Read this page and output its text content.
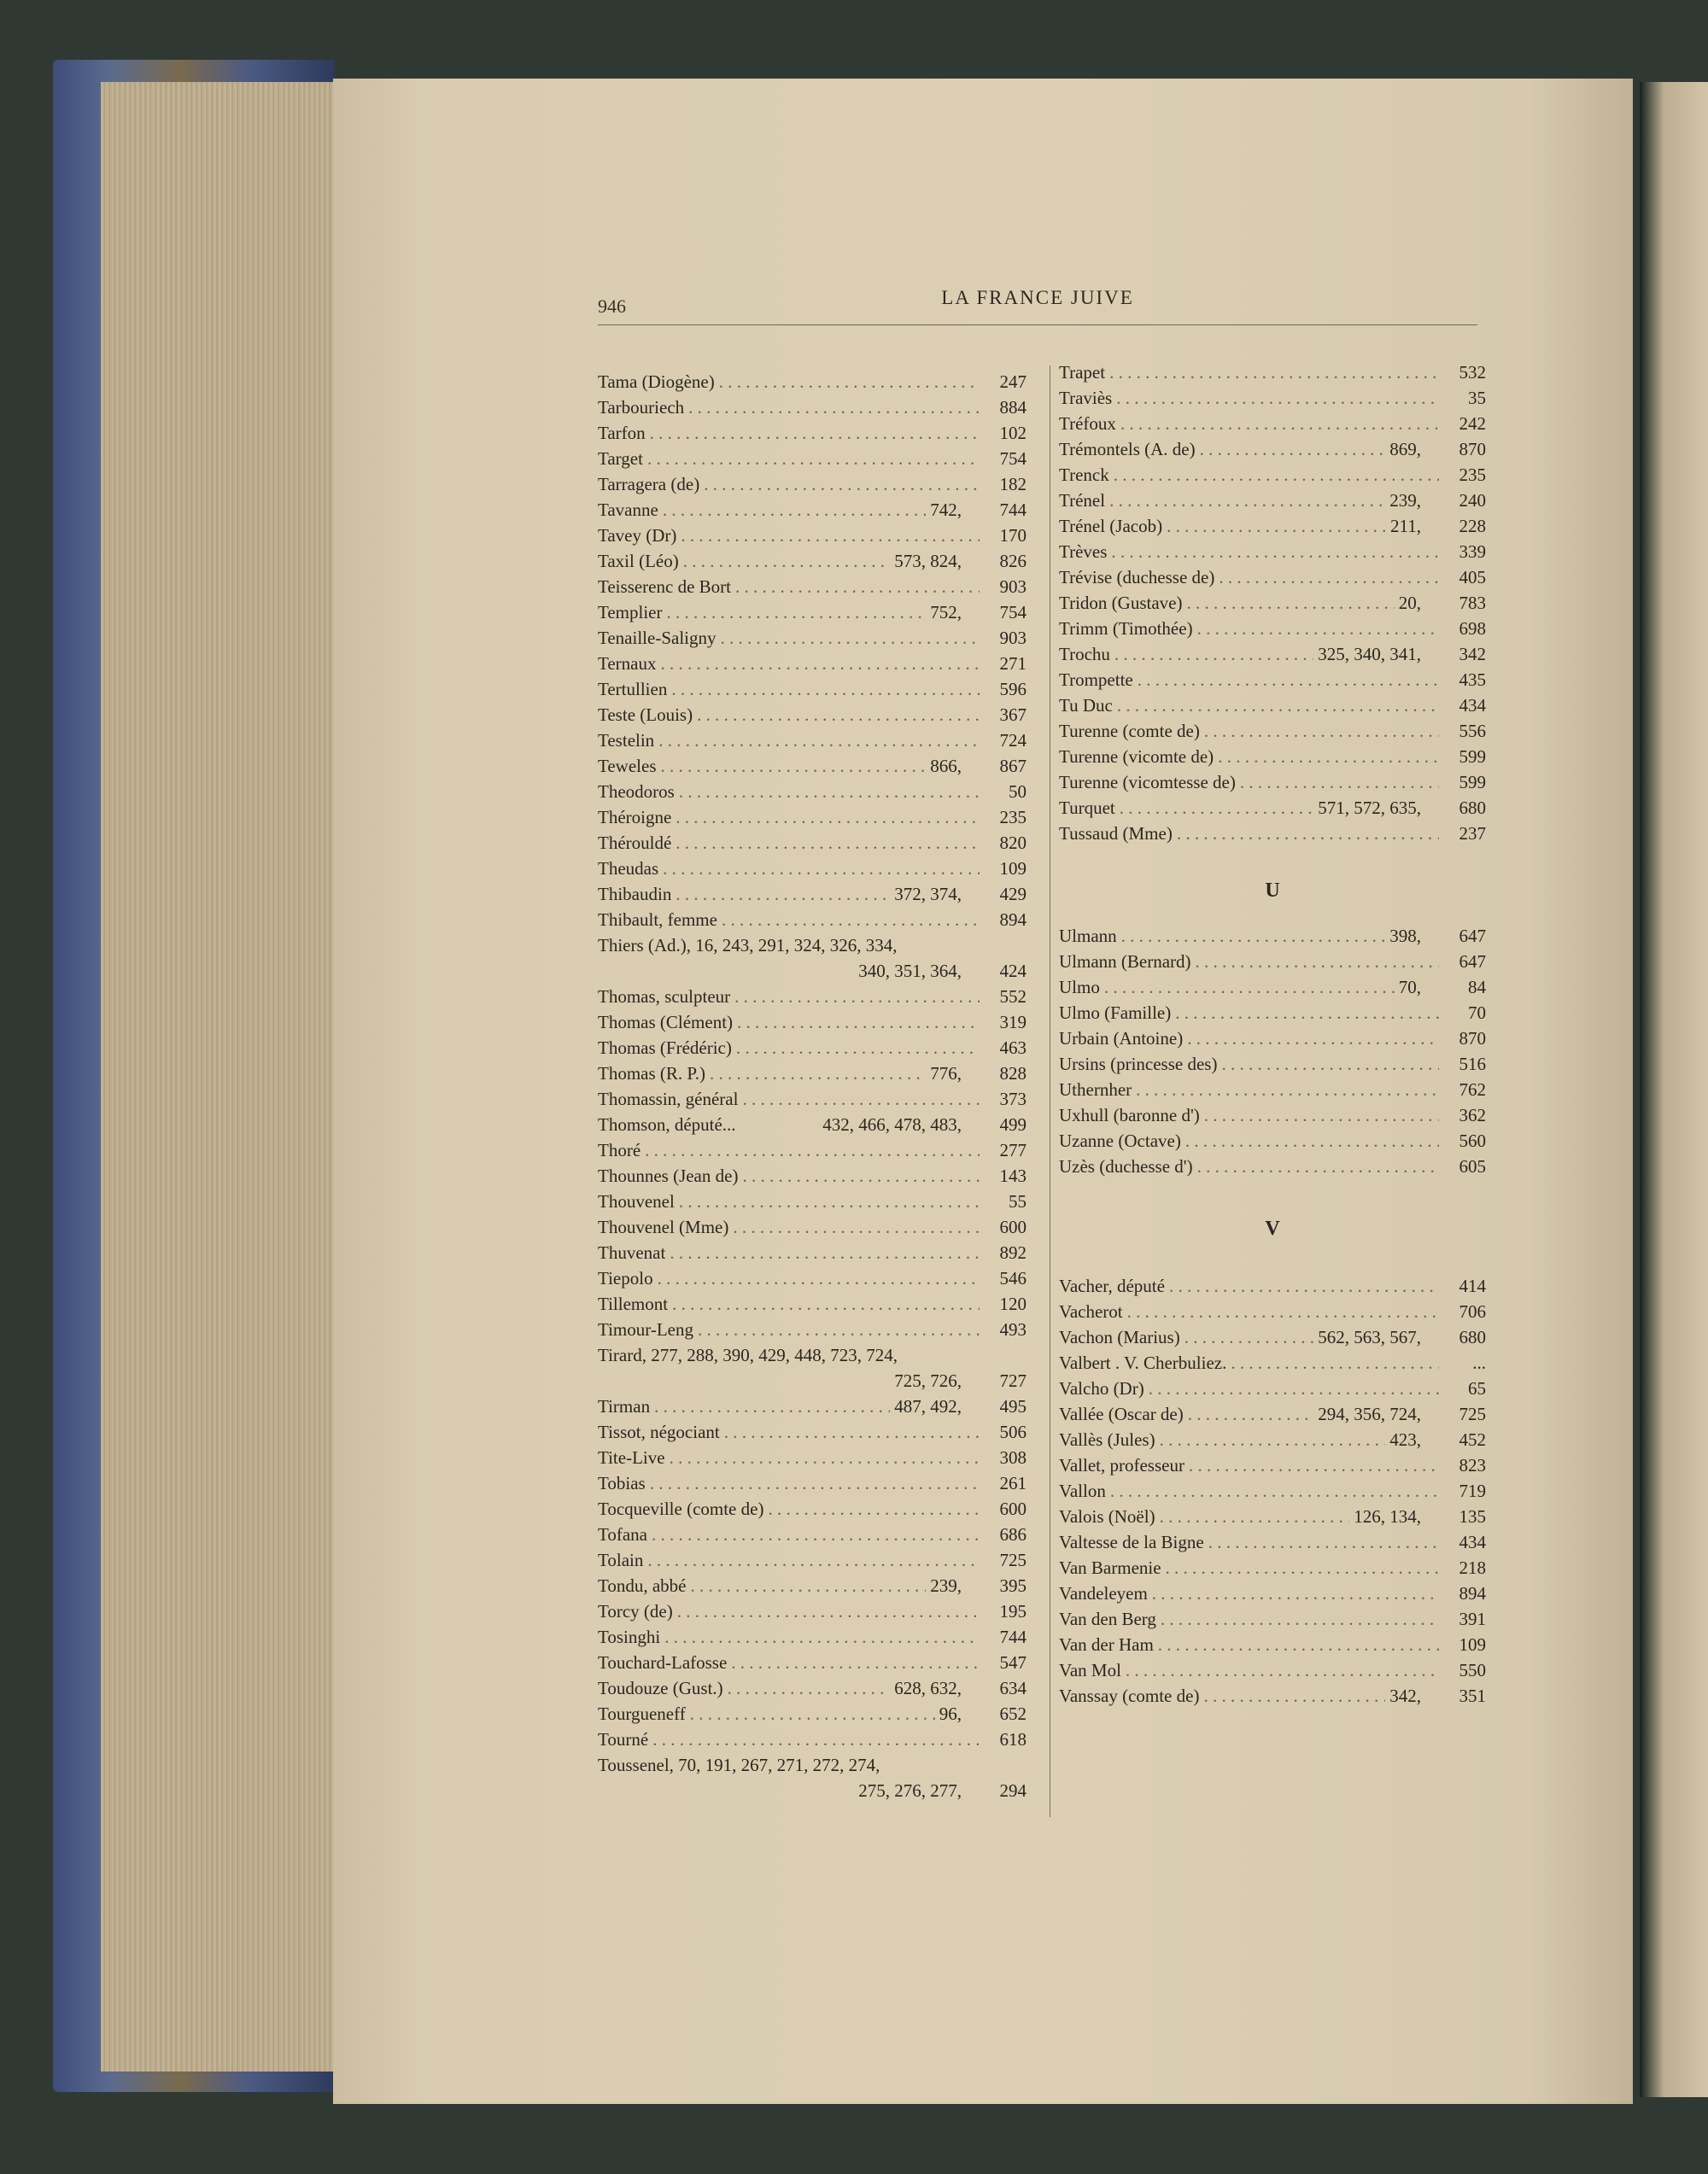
946	LA FRANCE JUIVE
Tama (Diogène) . . .	247
Tarbouriech . . .	884
Tarfon . . .	102
Target . . .	754
Tarragera (de) . . .	182
Tavanne . . .	742,	744
Tavey (Dr) . . .	170
Taxil (Léo) . . .	573, 824,	826
Teisserenc de Bort . . .	903
Templier . . .	752,	754
Tenaille-Saligny . . .	903
Ternaux . . .	271
Tertullien . . .	596
Teste (Louis) . . .	367
Testelin . . .	724
Teweles . . .	866,	867
Theodoros . . .	50
Théroigne . . .	235
Thérouldé . . .	820
Theudas . . .	109
Thibaudin . . .	372, 374,	429
Thibault, femme . . .	894
Thiers (Ad.), 16, 243, 291, 324, 326, 334,
340, 351, 364,	424
Thomas, sculpteur . . .	552
Thomas (Clément) . . .	319
Thomas (Frédéric) . . .	463
Thomas (R. P.) . . .	776,	828
Thomassin, général . . .	373
Thomson, député...	432, 466, 478, 483,	499
Thoré . . .	277
Thounnes (Jean de) . . .	143
Thouvenel . . .	55
Thouvenel (Mme) . . .	600
Thuvenat . . .	892
Tiepolo . . .	546
Tillemont . . .	120
Timour-Leng . . .	493
Tirard, 277, 288, 390, 429, 448, 723, 724,
725, 726,	727
Tirman . . .	487, 492,	495
Tissot, négociant . . .	506
Tite-Live . . .	308
Tobias . . .	261
Tocqueville (comte de) . . .	600
Tofana . . .	686
Tolain . . .	725
Tondu, abbé . . .	239,	395
Torcy (de) . . .	195
Tosinghi . . .	744
Touchard-Lafosse . . .	547
Toudouze (Gust.) . . .	628, 632,	634
Tourgueneff . . .	96,	652
Tourné . . .	618
Toussenel, 70, 191, 267, 271, 272, 274,
275, 276, 277,	294
Trapet . . .	532
Traviès . . .	35
Tréfoux . . .	242
Trémontels (A. de) . . .	869,	870
Trenck . . .	235
Trénel . . .	239,	240
Trénel (Jacob) . . .	211,	228
Trèves . . .	339
Trévise (duchesse de) . . .	405
Tridon (Gustave) . . .	20,	783
Trimm (Timothée) . . .	698
Trochu . . .	325, 340, 341,	342
Trompette . . .	435
Tu Duc . . .	434
Turenne (comte de) . . .	556
Turenne (vicomte de) . . .	599
Turenne (vicomtesse de) . . .	599
Turquet . . .	571, 572, 635,	680
Tussaud (Mme) . . .	237
U
Ulmann . . .	398,	647
Ulmann (Bernard) . . .	647
Ulmo . . .	70,	84
Ulmo (Famille) . . .	70
Urbain (Antoine) . . .	870
Ursins (princesse des) . . .	516
Uthernher . . .	762
Uxhull (baronne d') . . .	362
Uzanne (Octave) . . .	560
Uzès (duchesse d') . . .	605
V
Vacher, député . . .	414
Vacherot . . .	706
Vachon (Marius) . . .	562, 563, 567,	680
Valbert . V. Cherbuliez. . . .	...
Valcho (Dr) . . .	65
Vallée (Oscar de) . . .	294, 356, 724,	725
Vallès (Jules) . . .	423,	452
Vallet, professeur . . .	823
Vallon . . .	719
Valois (Noël) . . .	126, 134,	135
Valtesse de la Bigne . . .	434
Van Barmenie . . .	218
Vandeleyem . . .	894
Van den Berg . . .	391
Van der Ham . . .	109
Van Mol . . .	550
Vanssay (comte de) . . .	342,	351
